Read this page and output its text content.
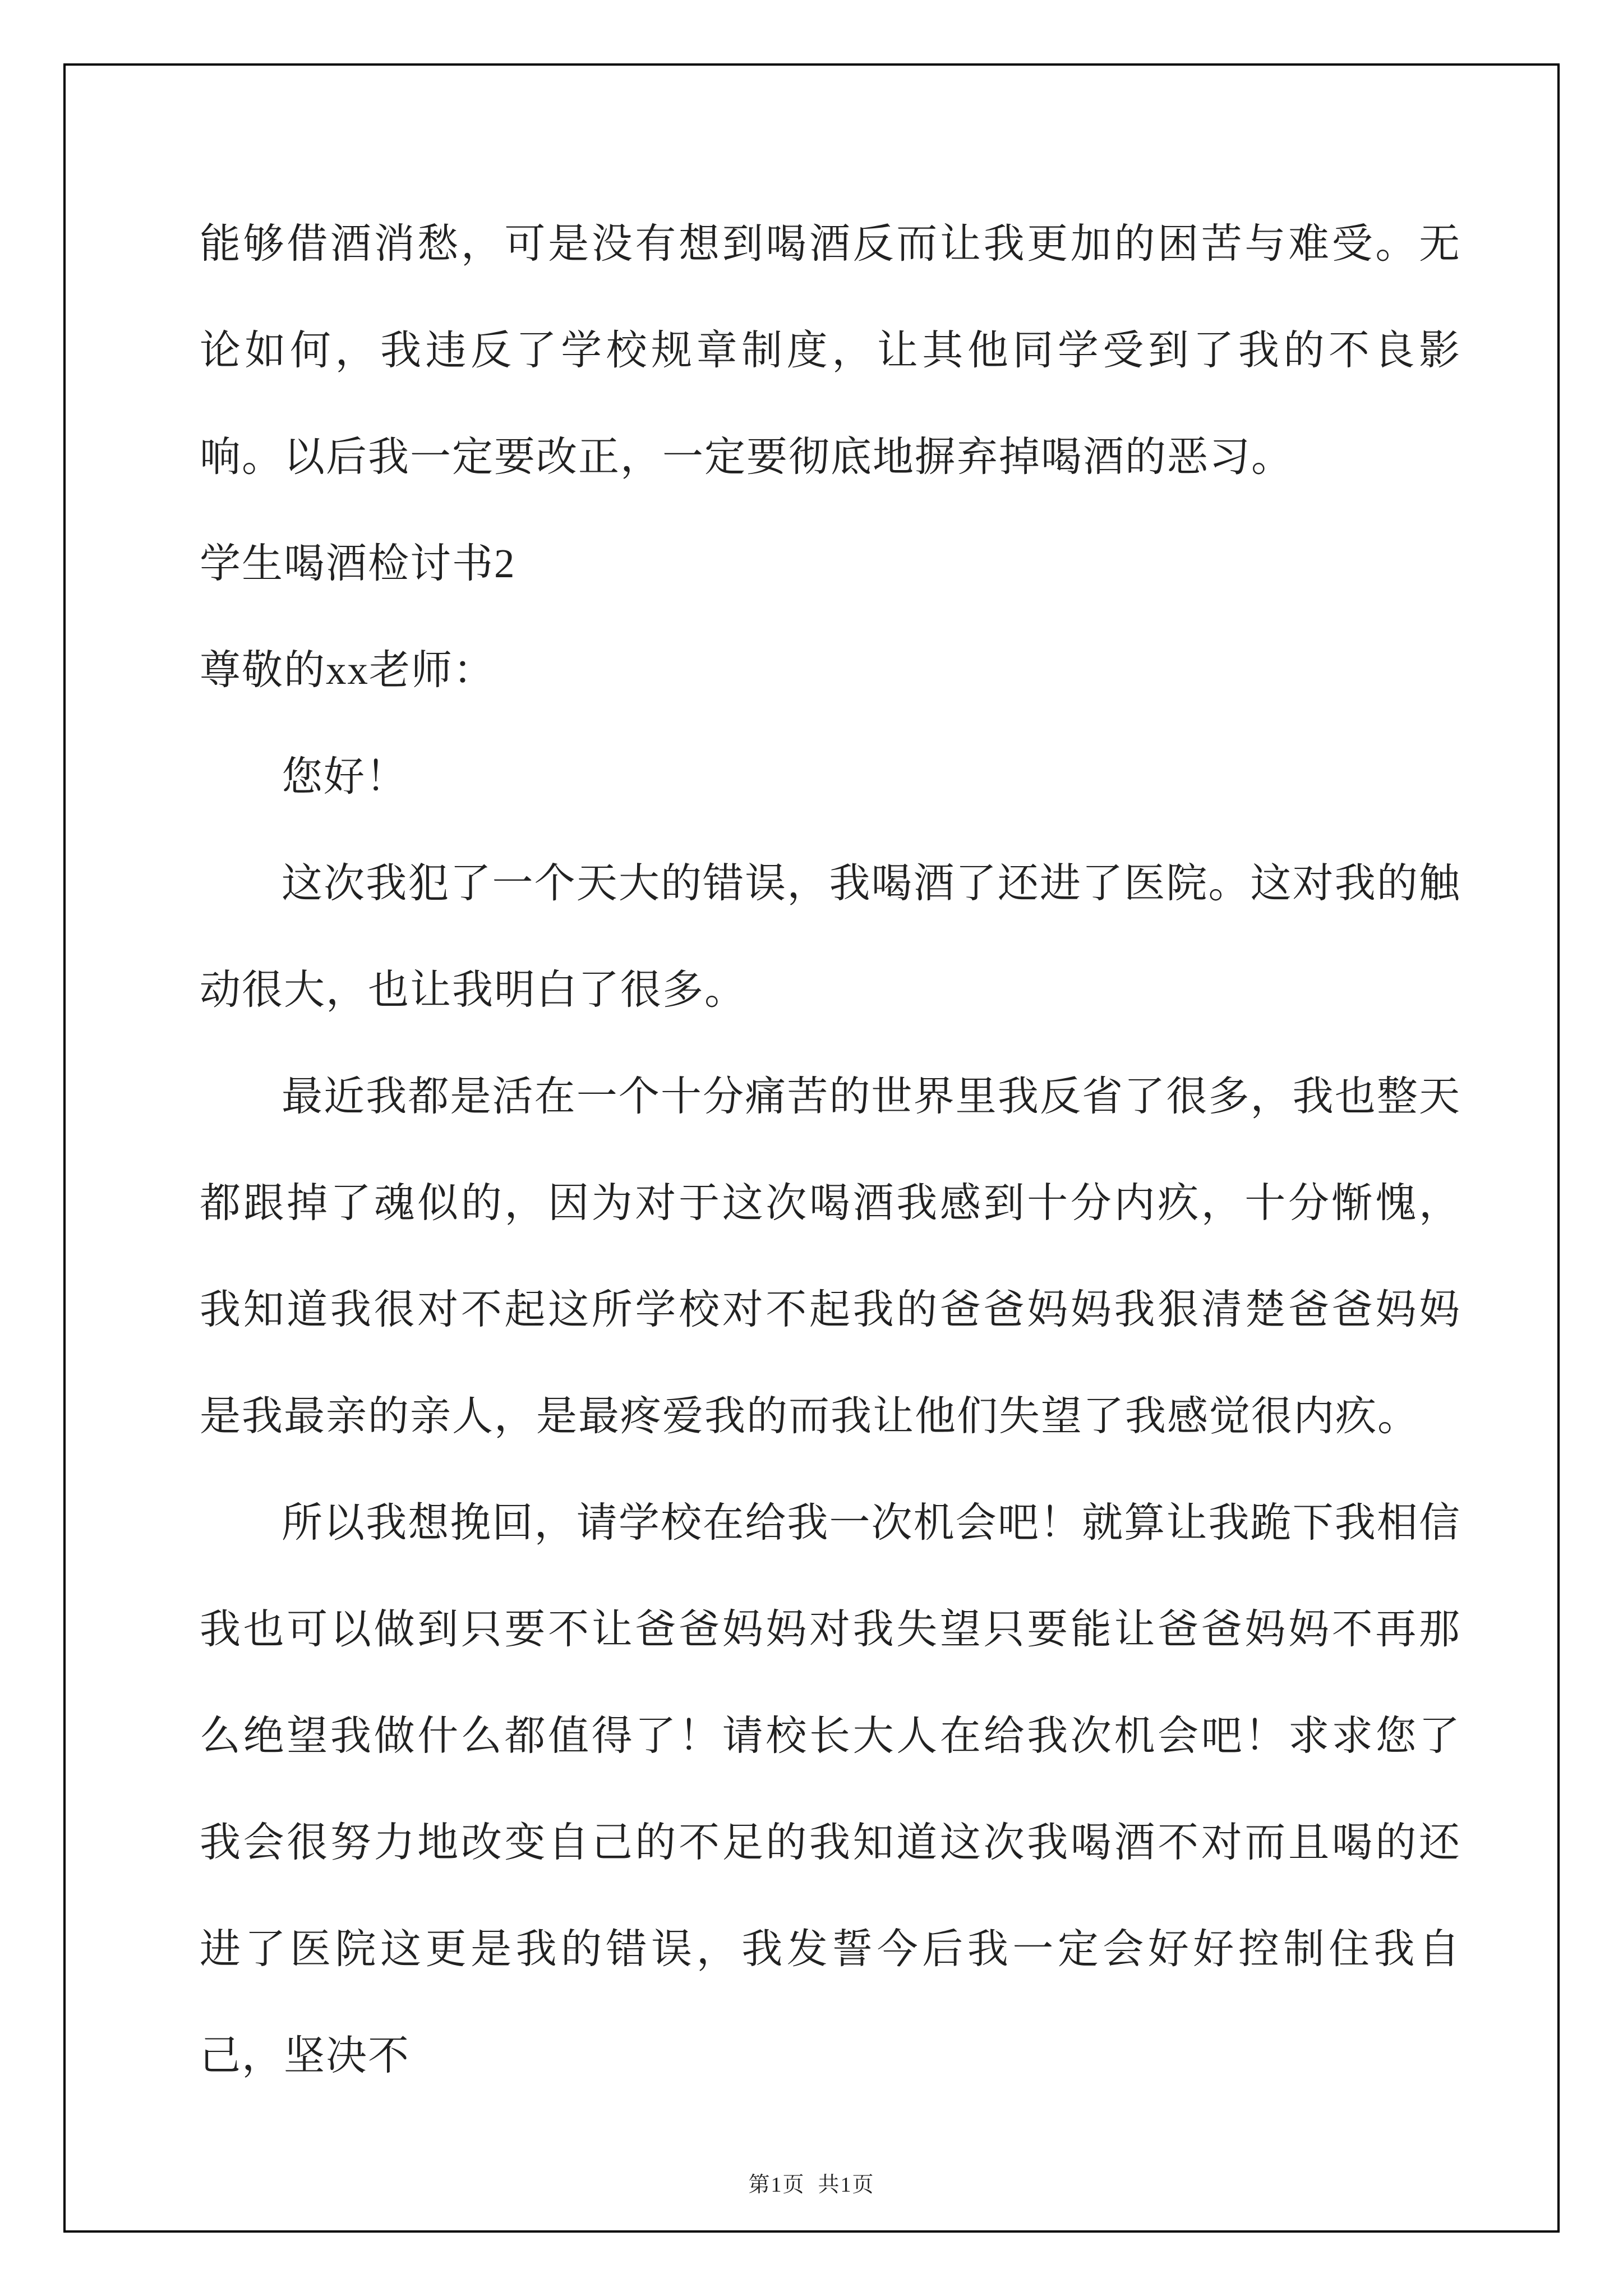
能够借酒消愁，可是没有想到喝酒反而让我更加的困苦与难受。无论如何，我违反了学校规章制度，让其他同学受到了我的不良影响。以后我一定要改正，一定要彻底地摒弃掉喝酒的恶习。

学生喝酒检讨书2

尊敬的xx老师：

您好！

这次我犯了一个天大的错误，我喝酒了还进了医院。这对我的触动很大，也让我明白了很多。

最近我都是活在一个十分痛苦的世界里我反省了很多，我也整天都跟掉了魂似的，因为对于这次喝酒我感到十分内疚，十分惭愧，我知道我很对不起这所学校对不起我的爸爸妈妈我狠清楚爸爸妈妈是我最亲的亲人，是最疼爱我的而我让他们失望了我感觉很内疚。

所以我想挽回，请学校在给我一次机会吧！就算让我跪下我相信我也可以做到只要不让爸爸妈妈对我失望只要能让爸爸妈妈不再那么绝望我做什么都值得了！请校长大人在给我次机会吧！求求您了我会很努力地改变自己的不足的我知道这次我喝酒不对而且喝的还进了医院这更是我的错误，我发誓今后我一定会好好控制住我自己，坚决不

第1页  共1页
